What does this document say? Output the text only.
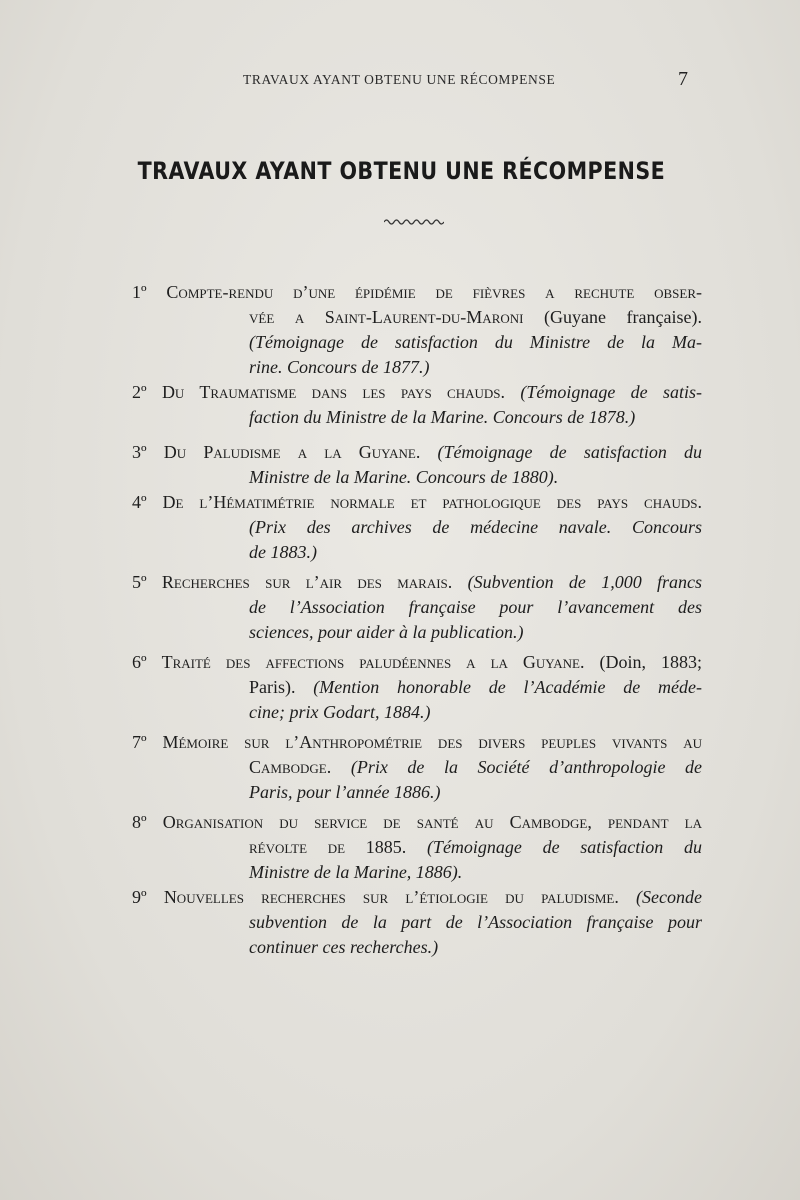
TRAVAUX AYANT OBTENU UNE RÉCOMPENSE	7
TRAVAUX AYANT OBTENU UNE RÉCOMPENSE
1º Compte-rendu d’une épidémie de fièvres a rechute obser-
vée a Saint-Laurent-du-Maroni (Guyane française).
(Témoignage de satisfaction du Ministre de la Ma-
rine. Concours de 1877.)
2º Du Traumatisme dans les pays chauds. (Témoignage de satis-
faction du Ministre de la Marine. Concours de 1878.)
3º Du Paludisme a la Guyane. (Témoignage de satisfaction du
Ministre de la Marine. Concours de 1880).
4º De l’Hématimétrie normale et pathologique des pays chauds.
(Prix des archives de médecine navale. Concours
de 1883.)
5º Recherches sur l’air des marais. (Subvention de 1,000 francs
de l’Association française pour l’avancement des
sciences, pour aider à la publication.)
6º Traité des affections paludéennes a la Guyane. (Doin, 1883;
Paris). (Mention honorable de l’Académie de méde-
cine; prix Godart, 1884.)
7º Mémoire sur l’Anthropométrie des divers peuples vivants au
Cambodge. (Prix de la Société d’anthropologie de
Paris, pour l’année 1886.)
8º Organisation du service de santé au Cambodge, pendant la
révolte de 1885. (Témoignage de satisfaction du
Ministre de la Marine, 1886).
9º Nouvelles recherches sur l’étiologie du paludisme. (Seconde
subvention de la part de l’Association française pour
continuer ces recherches.)
